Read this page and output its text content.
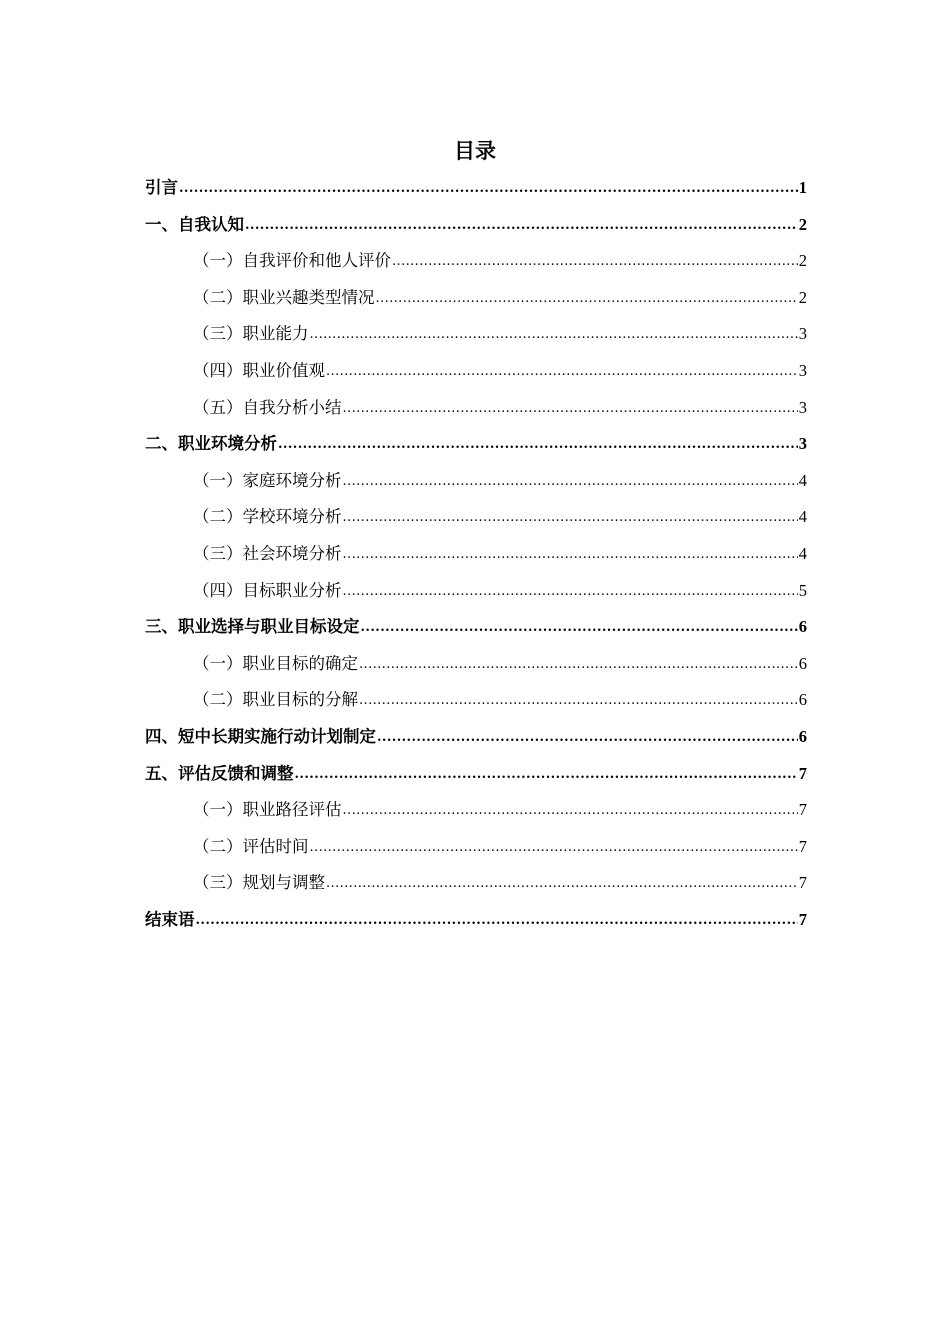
目录
引言 .....	1
一、自我认知 .....	2
（一）自我评价和他人评价 .....	2
（二）职业兴趣类型情况 .....	2
（三）职业能力 .....	3
（四）职业价值观 .....	3
（五）自我分析小结 .....	3
二、职业环境分析 .....	3
（一）家庭环境分析 .....	4
（二）学校环境分析 .....	4
（三）社会环境分析 .....	4
（四）目标职业分析 .....	5
三、职业选择与职业目标设定 .....	6
（一）职业目标的确定 .....	6
（二）职业目标的分解 .....	6
四、短中长期实施行动计划制定 .....	6
五、评估反馈和调整 .....	7
（一）职业路径评估 .....	7
（二）评估时间 .....	7
（三）规划与调整 .....	7
结束语 .....	7
